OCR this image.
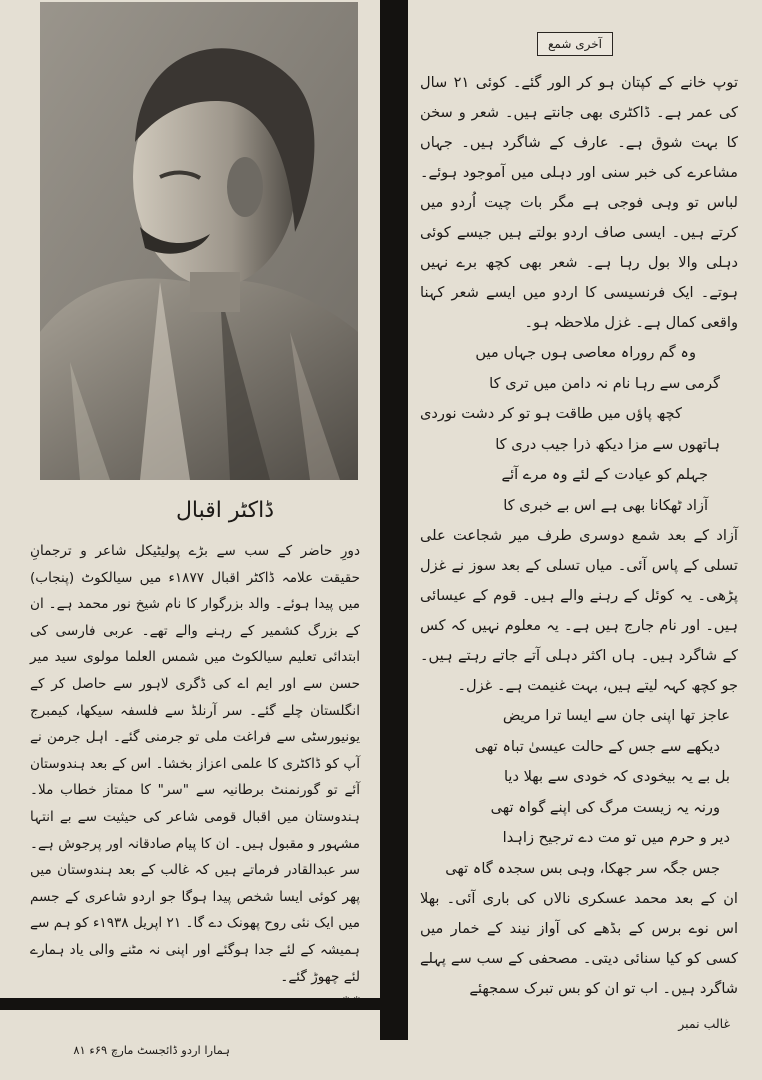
ڈاکٹر اقبال

دورِ حاضر کے سب سے بڑے پولیٹیکل شاعر و ترجمانِ حقیقت علامہ ڈاکٹر اقبال ۱۸۷۷ء میں سیالکوٹ (پنجاب) میں پیدا ہوئے۔ والد بزرگوار کا نام شیخ نور محمد ہے۔ ان کے بزرگ کشمیر کے رہنے والے تھے۔ عربی فارسی کی ابتدائی تعلیم سیالکوٹ میں شمس العلما مولوی سید میر حسن سے اور ایم اے کی ڈگری لاہور سے حاصل کر کے انگلستان چلے گئے۔ سر آرنلڈ سے فلسفہ سیکھا، کیمبرج یونیورسٹی سے فراغت ملی تو جرمنی گئے۔ اہل جرمن نے آپ کو ڈاکٹری کا علمی اعزاز بخشا۔ اس کے بعد ہندوستان آئے تو گورنمنٹ برطانیہ سے "سر" کا ممتاز خطاب ملا۔ ہندوستان میں اقبال قومی شاعر کی حیثیت سے بے انتہا مشہور و مقبول ہیں۔ ان کا پیام صادقانہ اور پرجوش ہے۔ سر عبدالقادر فرماتے ہیں کہ غالب کے بعد ہندوستان میں پھر کوئی ایسا شخص پیدا ہوگا جو اردو شاعری کے جسم میں ایک نئی روح پھونک دے گا۔ ۲۱ اپریل ۱۹۳۸ء کو ہم سے ہمیشہ کے لئے جدا ہوگئے اور اپنی نہ مٹنے والی یاد ہمارے لئے چھوڑ گئے۔

آخری شمع

توپ خانے کے کپتان ہو کر الور گئے۔ کوئی ۲۱ سال کی عمر ہے۔ ڈاکٹری بھی جانتے ہیں۔ شعر و سخن کا بہت شوق ہے۔ عارف کے شاگرد ہیں۔ جہاں مشاعرے کی خبر سنی اور دہلی میں آموجود ہوئے۔ لباس تو وہی فوجی ہے مگر بات چیت اُردو میں کرتے ہیں۔ ایسی صاف اردو بولتے ہیں جیسے کوئی دہلی والا بول رہا ہے۔ شعر بھی کچھ برے نہیں ہوتے۔ ایک فرنسیسی کا اردو میں ایسے شعر کہنا واقعی کمال ہے۔ غزل ملاحظہ ہو۔

وہ گم روراہ معاصی ہوں جہاں میں

گرمی سے رہا نام نہ دامن میں تری کا

کچھ پاؤں میں طاقت ہو تو کر دشت نوردی

ہاتھوں سے مزا دیکھ ذرا جیب دری کا

جہلم کو عیادت کے لئے وہ مرے آئے

آزاد ٹھکانا بھی ہے اس بے خبری کا

آزاد کے بعد شمع دوسری طرف میر شجاعت علی تسلی کے پاس آئی۔ میاں تسلی کے بعد سوز نے غزل پڑھی۔ یہ کوئل کے رہنے والے ہیں۔ قوم کے عیسائی ہیں۔ اور نام جارج ہیں ہے۔ یہ معلوم نہیں کہ کس کے شاگرد ہیں۔ ہاں اکثر دہلی آتے جاتے رہتے ہیں۔ جو کچھ کہہ لیتے ہیں، بہت غنیمت ہے۔ غزل۔

عاجز تھا اپنی جان سے ایسا ترا مریض

دیکھے سے جس کے حالت عیسیٰ تباہ تھی

بل بے یہ بیخودی کہ خودی سے بھلا دیا

ورنہ یہ زیست مرگ کی اپنے گواہ تھی

دیر و حرم میں تو مت دے ترجیح زاہدا

جس جگہ سر جھکا، وہی بس سجدہ گاہ تھی

ان کے بعد محمد عسکری نالاں کی باری آئی۔ بھلا اس نوے برس کے بڈھے کی آواز نیند کے خمار میں کسی کو کیا سنائی دیتی۔ مصحفی کے سب سے پہلے شاگرد ہیں۔ اب تو ان کو بس تبرک سمجھئے

غالب نمبر
ہمارا اردو ڈائجسٹ مارچ ۶۹ء ۸۱
